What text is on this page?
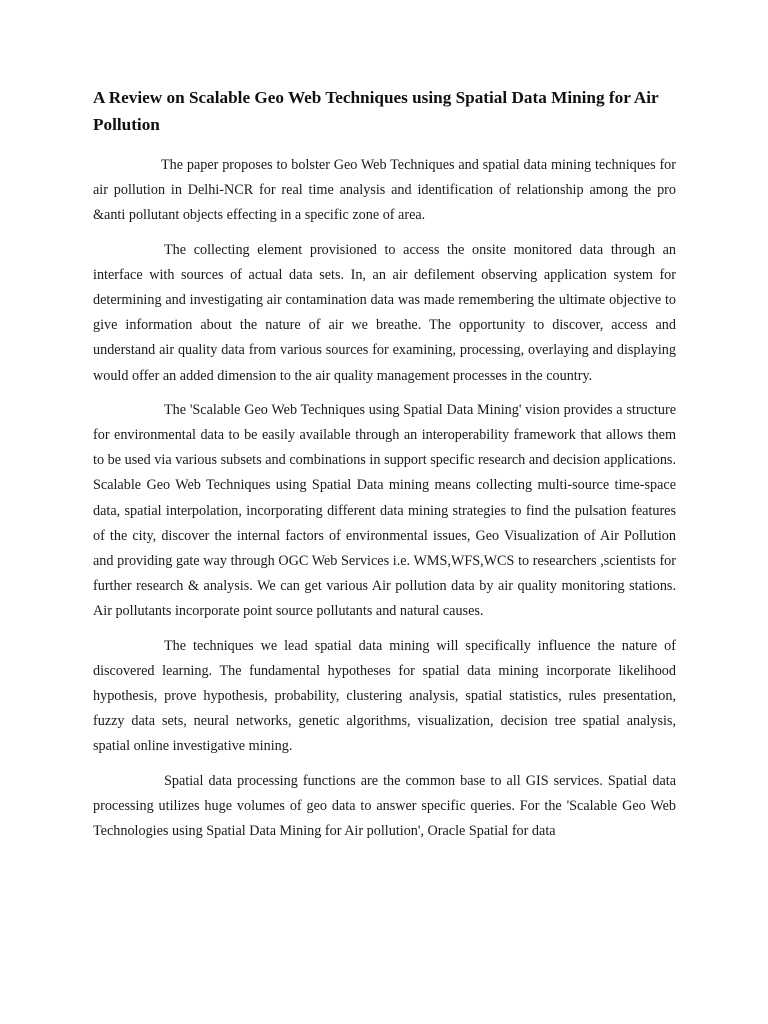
A Review on Scalable Geo Web Techniques using Spatial Data Mining for Air Pollution

The paper proposes to bolster Geo Web Techniques and spatial data mining techniques for air pollution in Delhi-NCR for real time analysis and identification of relationship among the pro &anti pollutant objects effecting in a specific zone of area.

The collecting element provisioned to access the onsite monitored data through an interface with sources of actual data sets. In, an air defilement observing application system for determining and investigating air contamination data was made remembering the ultimate objective to give information about the nature of air we breathe. The opportunity to discover, access and understand air quality data from various sources for examining, processing, overlaying and displaying would offer an added dimension to the air quality management processes in the country.

The 'Scalable Geo Web Techniques using Spatial Data Mining' vision provides a structure for environmental data to be easily available through an interoperability framework that allows them to be used via various subsets and combinations in support specific research and decision applications. Scalable Geo Web Techniques using Spatial Data mining means collecting multi-source time-space data, spatial interpolation, incorporating different data mining strategies to find the pulsation features of the city, discover the internal factors of environmental issues, Geo Visualization of Air Pollution and providing gate way through OGC Web Services i.e. WMS,WFS,WCS to researchers ,scientists for further research & analysis. We can get various Air pollution data by air quality monitoring stations. Air pollutants incorporate point source pollutants and natural causes.

The techniques we lead spatial data mining will specifically influence the nature of discovered learning. The fundamental hypotheses for spatial data mining incorporate likelihood hypothesis, prove hypothesis, probability, clustering analysis, spatial statistics, rules presentation, fuzzy data sets, neural networks, genetic algorithms, visualization, decision tree spatial analysis, spatial online investigative mining.

Spatial data processing functions are the common base to all GIS services. Spatial data processing utilizes huge volumes of geo data to answer specific queries. For the 'Scalable Geo Web Technologies using Spatial Data Mining for Air pollution', Oracle Spatial for data
